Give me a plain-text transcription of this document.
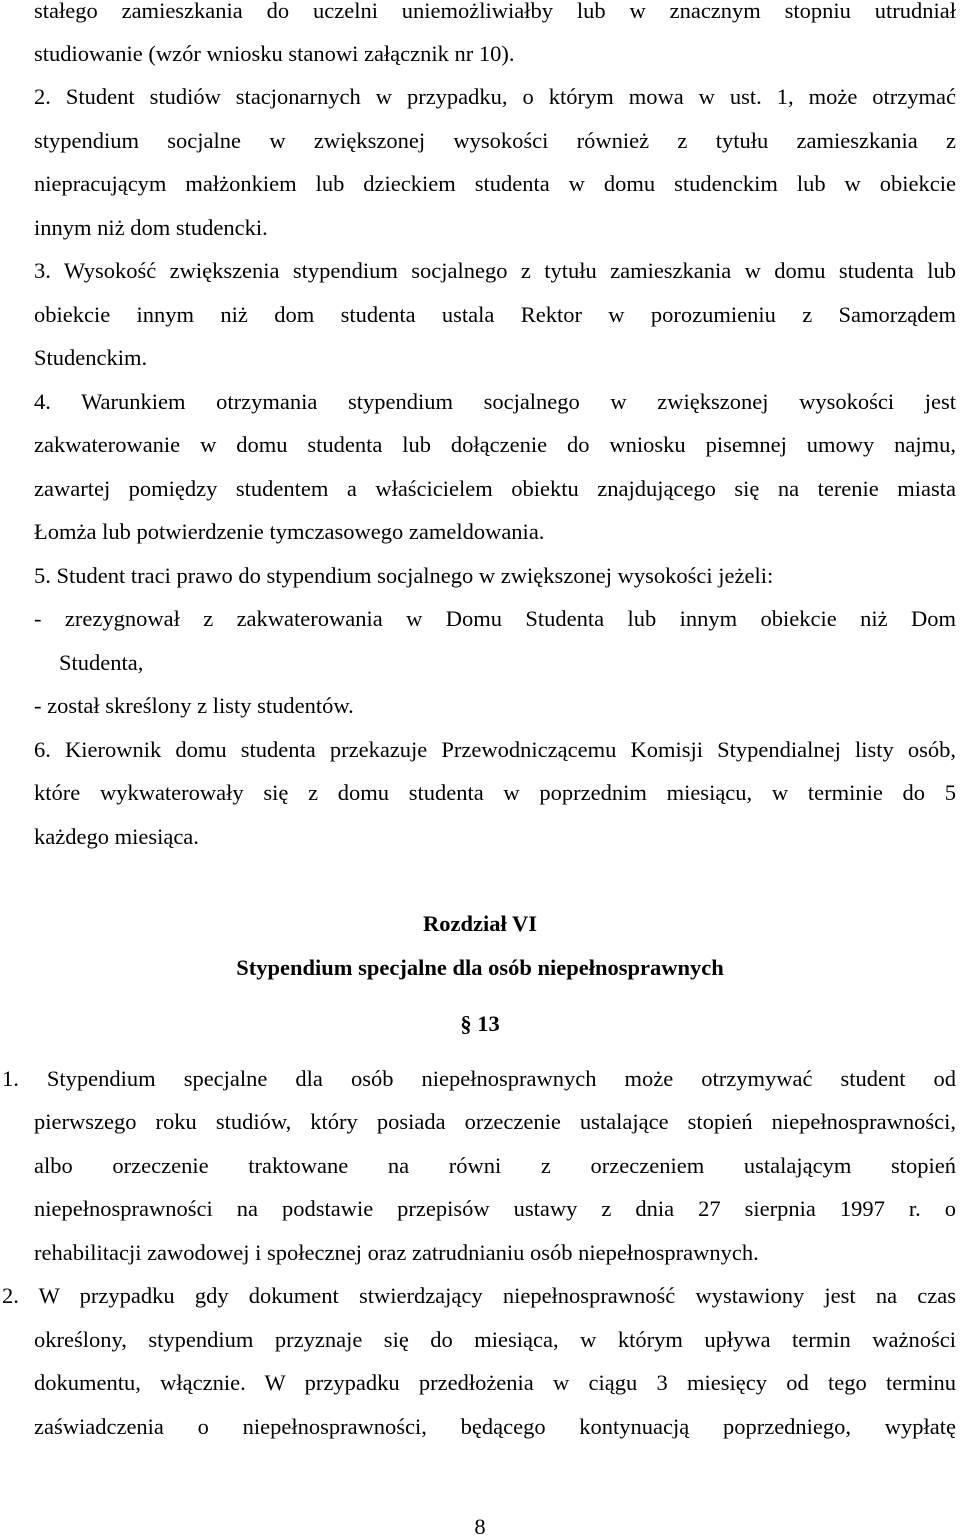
stałego zamieszkania do uczelni uniemożliwiałby lub w znacznym stopniu utrudniał
studiowanie (wzór wniosku stanowi załącznik nr 10).
2. Student studiów stacjonarnych w przypadku, o którym mowa w ust. 1, może otrzymać
stypendium socjalne w zwiększonej wysokości również z tytułu zamieszkania z
niepracującym małżonkiem lub dzieckiem studenta w domu studenckim lub w obiekcie
innym niż dom studencki.
3. Wysokość zwiększenia stypendium socjalnego z tytułu zamieszkania w domu studenta lub
obiekcie innym niż dom studenta ustala Rektor w porozumieniu z Samorządem
Studenckim.
4. Warunkiem otrzymania stypendium socjalnego w zwiększonej wysokości jest
zakwaterowanie w domu studenta lub dołączenie do wniosku pisemnej umowy najmu,
zawartej pomiędzy studentem a właścicielem obiektu znajdującego się na terenie miasta
Łomża lub potwierdzenie tymczasowego zameldowania.
5. Student traci prawo do stypendium socjalnego w zwiększonej wysokości jeżeli:
- zrezygnował z zakwaterowania w Domu Studenta lub innym obiekcie niż Dom
Studenta,
- został skreślony z listy studentów.
6. Kierownik domu studenta przekazuje Przewodniczącemu Komisji Stypendialnej listy osób,
które wykwaterowały się z domu studenta w poprzednim miesiącu, w terminie do 5
każdego miesiąca.
Rozdział VI
Stypendium specjalne dla osób niepełnosprawnych
§ 13
1. Stypendium specjalne dla osób niepełnosprawnych może otrzymywać student od
pierwszego roku studiów, który posiada orzeczenie ustalające stopień niepełnosprawności,
albo orzeczenie traktowane na równi z orzeczeniem ustalającym stopień
niepełnosprawności na podstawie przepisów ustawy z dnia 27 sierpnia 1997 r. o
rehabilitacji zawodowej i społecznej oraz zatrudnianiu osób niepełnosprawnych.
2. W przypadku gdy dokument stwierdzający niepełnosprawność wystawiony jest na czas
określony, stypendium przyznaje się do miesiąca, w którym upływa termin ważności
dokumentu, włącznie. W przypadku przedłożenia w ciągu 3 miesięcy od tego terminu
zaświadczenia o niepełnosprawności, będącego kontynuacją poprzedniego, wypłatę
8
